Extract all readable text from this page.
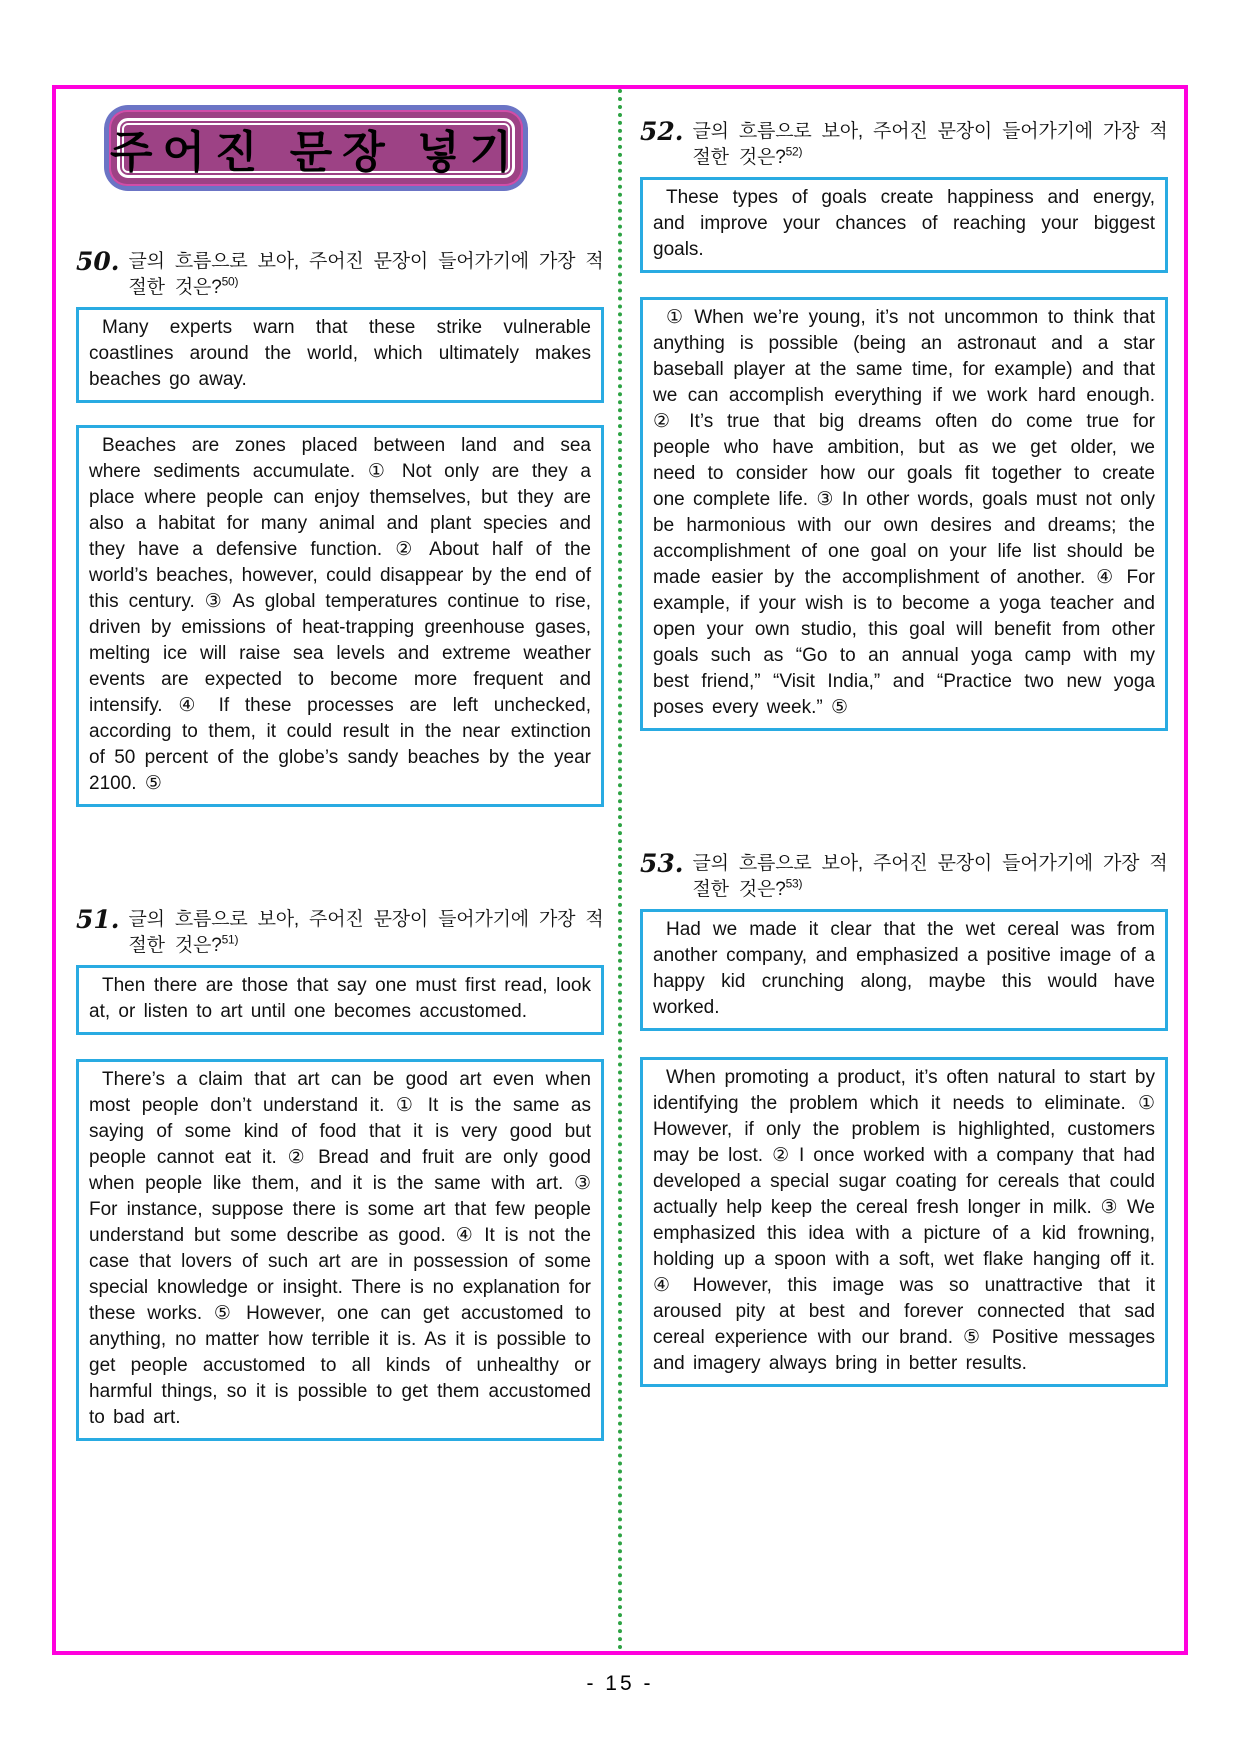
주어진 문장 넣기
50. 글의 흐름으로 보아, 주어진 문장이 들어가기에 가장 적절한 것은?$^{50)}$

Many experts warn that these strike vulnerable coastlines around the world, which ultimately makes beaches go away.

Beaches are zones placed between land and sea where sediments accumulate. ① Not only are they a place where people can enjoy themselves, but they are also a habitat for many animal and plant species and they have a defensive function. ② About half of the world’s beaches, however, could disappear by the end of this century. ③ As global temperatures continue to rise, driven by emissions of heat-trapping greenhouse gases, melting ice will raise sea levels and extreme weather events are expected to become more frequent and intensify. ④ If these processes are left unchecked, according to them, it could result in the near extinction of 50 percent of the globe’s sandy beaches by the year 2100. ⑤

51. 글의 흐름으로 보아, 주어진 문장이 들어가기에 가장 적절한 것은?$^{51)}$

Then there are those that say one must first read, look at, or listen to art until one becomes accustomed.

There’s a claim that art can be good art even when most people don’t understand it. ① It is the same as saying of some kind of food that it is very good but people cannot eat it. ② Bread and fruit are only good when people like them, and it is the same with art. ③ For instance, suppose there is some art that few people understand but some describe as good. ④ It is not the case that lovers of such art are in possession of some special knowledge or insight. There is no explanation for these works. ⑤ However, one can get accustomed to anything, no matter how terrible it is. As it is possible to get people accustomed to all kinds of unhealthy or harmful things, so it is possible to get them accustomed to bad art.

52. 글의 흐름으로 보아, 주어진 문장이 들어가기에 가장 적절한 것은?$^{52)}$

These types of goals create happiness and energy, and improve your chances of reaching your biggest goals.

① When we’re young, it’s not uncommon to think that anything is possible (being an astronaut and a star baseball player at the same time, for example) and that we can accomplish everything if we work hard enough. ② It’s true that big dreams often do come true for people who have ambition, but as we get older, we need to consider how our goals fit together to create one complete life. ③ In other words, goals must not only be harmonious with our own desires and dreams; the accomplishment of one goal on your life list should be made easier by the accomplishment of another. ④ For example, if your wish is to become a yoga teacher and open your own studio, this goal will benefit from other goals such as “Go to an annual yoga camp with my best friend,” “Visit India,” and “Practice two new yoga poses every week.” ⑤

53. 글의 흐름으로 보아, 주어진 문장이 들어가기에 가장 적절한 것은?$^{53)}$

Had we made it clear that the wet cereal was from another company, and emphasized a positive image of a happy kid crunching along, maybe this would have worked.

When promoting a product, it’s often natural to start by identifying the problem which it needs to eliminate. ① However, if only the problem is highlighted, customers may be lost. ② I once worked with a company that had developed a special sugar coating for cereals that could actually help keep the cereal fresh longer in milk. ③ We emphasized this idea with a picture of a kid frowning, holding up a spoon with a soft, wet flake hanging off it. ④ However, this image was so unattractive that it aroused pity at best and forever connected that sad cereal experience with our brand. ⑤ Positive messages and imagery always bring in better results.

- 15 -
